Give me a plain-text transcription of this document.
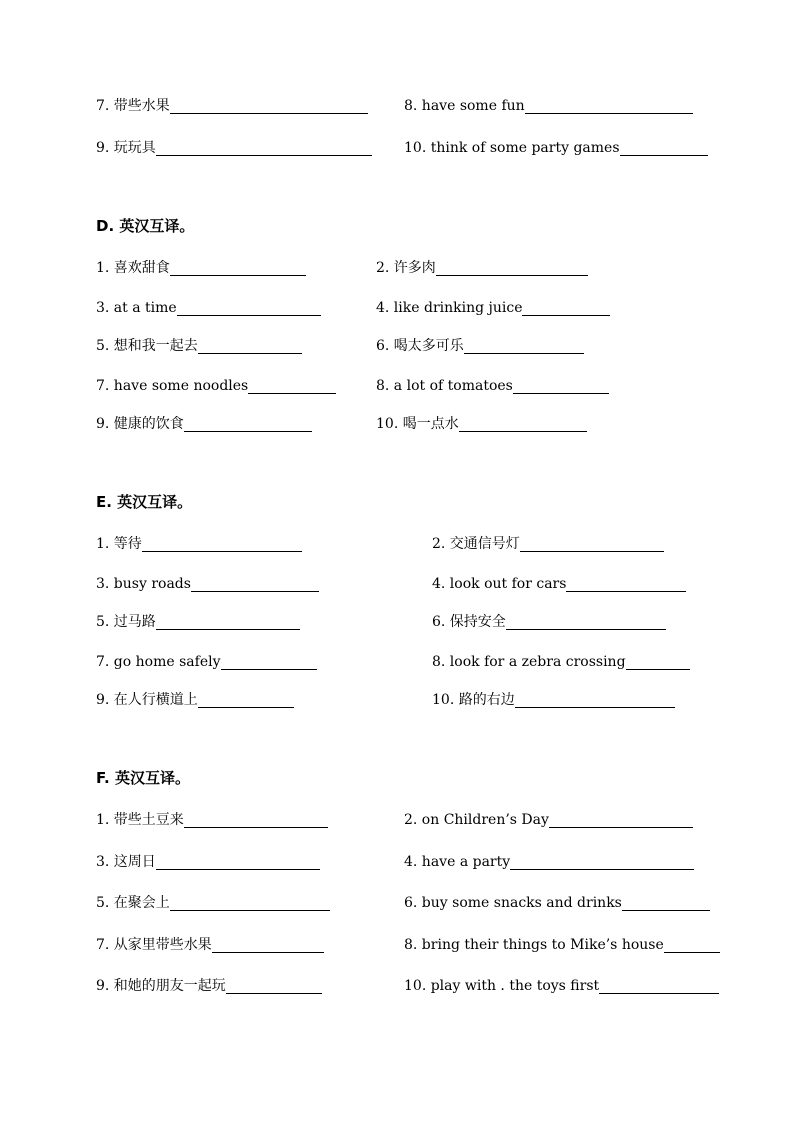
7. 带些水果	8. have some fun
9. 玩玩具	10. think of some party games
D. 英汉互译。
1. 喜欢甜食	2. 许多肉
3. at a time	4. like drinking juice
5. 想和我一起去	6. 喝太多可乐
7. have some noodles	8. a lot of tomatoes
9. 健康的饮食	10. 喝一点水
E. 英汉互译。
1. 等待	2. 交通信号灯
3. busy roads	4. look out for cars
5. 过马路	6. 保持安全
7. go home safely	8. look for a zebra crossing
9. 在人行横道上	10. 路的右边
F. 英汉互译。
1. 带些土豆来	2. on Children’s Day
3. 这周日	4. have a party
5. 在聚会上	6. buy some snacks and drinks
7. 从家里带些水果	8. bring their things to Mike’s house
9. 和她的朋友一起玩	10. play with . the toys first
